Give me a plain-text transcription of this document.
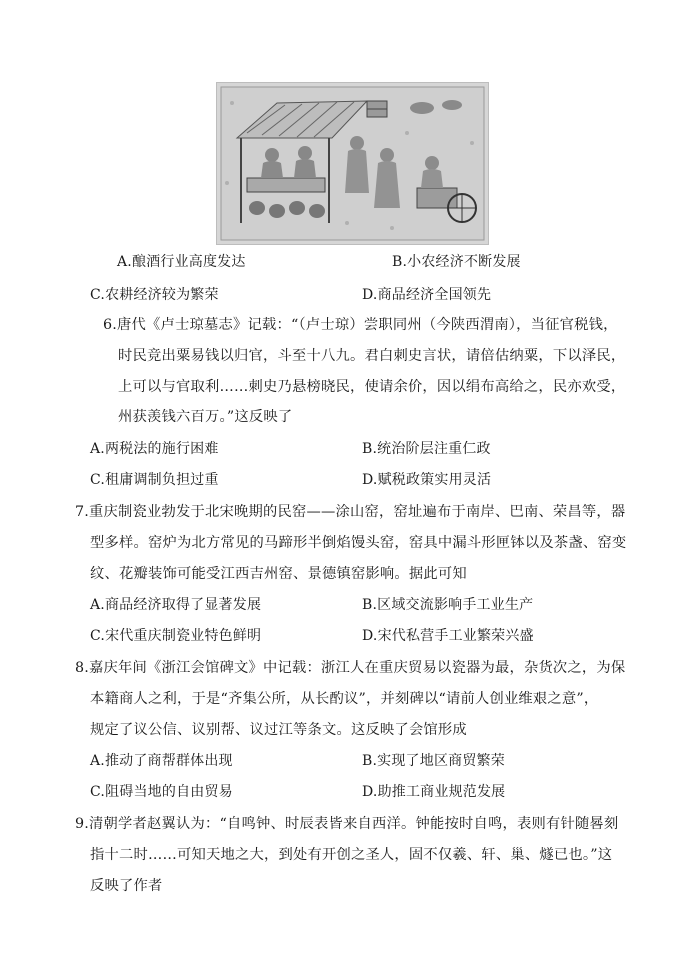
A.酿酒行业高度发达	B.小农经济不断发展
C.农耕经济较为繁荣	D.商品经济全国领先
6.唐代《卢士琼墓志》记载：“（卢士琼）尝职同州（今陕西渭南），当征官税钱，
时民竞出粟易钱以归官，斗至十八九。君白刺史言状，请倍估纳粟，下以泽民，
上可以与官取利……刺史乃悬榜晓民，使请余价，因以绢布高给之，民亦欢受，
州获羡钱六百万。”这反映了
A.两税法的施行困难	B.统治阶层注重仁政
C.租庸调制负担过重	D.赋税政策实用灵活
7.重庆制瓷业勃发于北宋晚期的民窑——涂山窑，窑址遍布于南岸、巴南、荣昌等，器
型多样。窑炉为北方常见的马蹄形半倒焰馒头窑，窑具中漏斗形匣钵以及茶盏、窑变
纹、花瓣装饰可能受江西吉州窑、景德镇窑影响。据此可知
A.商品经济取得了显著发展	B.区域交流影响手工业生产
C.宋代重庆制瓷业特色鲜明	D.宋代私营手工业繁荣兴盛
8.嘉庆年间《浙江会馆碑文》中记载：浙江人在重庆贸易以瓷器为最，杂货次之，为保
本籍商人之利，于是“齐集公所，从长酌议”，并刻碑以“请前人创业维艰之意”，
规定了议公信、议别帮、议过江等条文。这反映了会馆形成
A.推动了商帮群体出现	B.实现了地区商贸繁荣
C.阻碍当地的自由贸易	D.助推工商业规范发展
9.清朝学者赵翼认为：“自鸣钟、时辰表皆来自西洋。钟能按时自鸣，表则有针随晷刻
指十二时……可知天地之大，到处有开创之圣人，固不仅羲、轩、巢、燧已也。”这
反映了作者
